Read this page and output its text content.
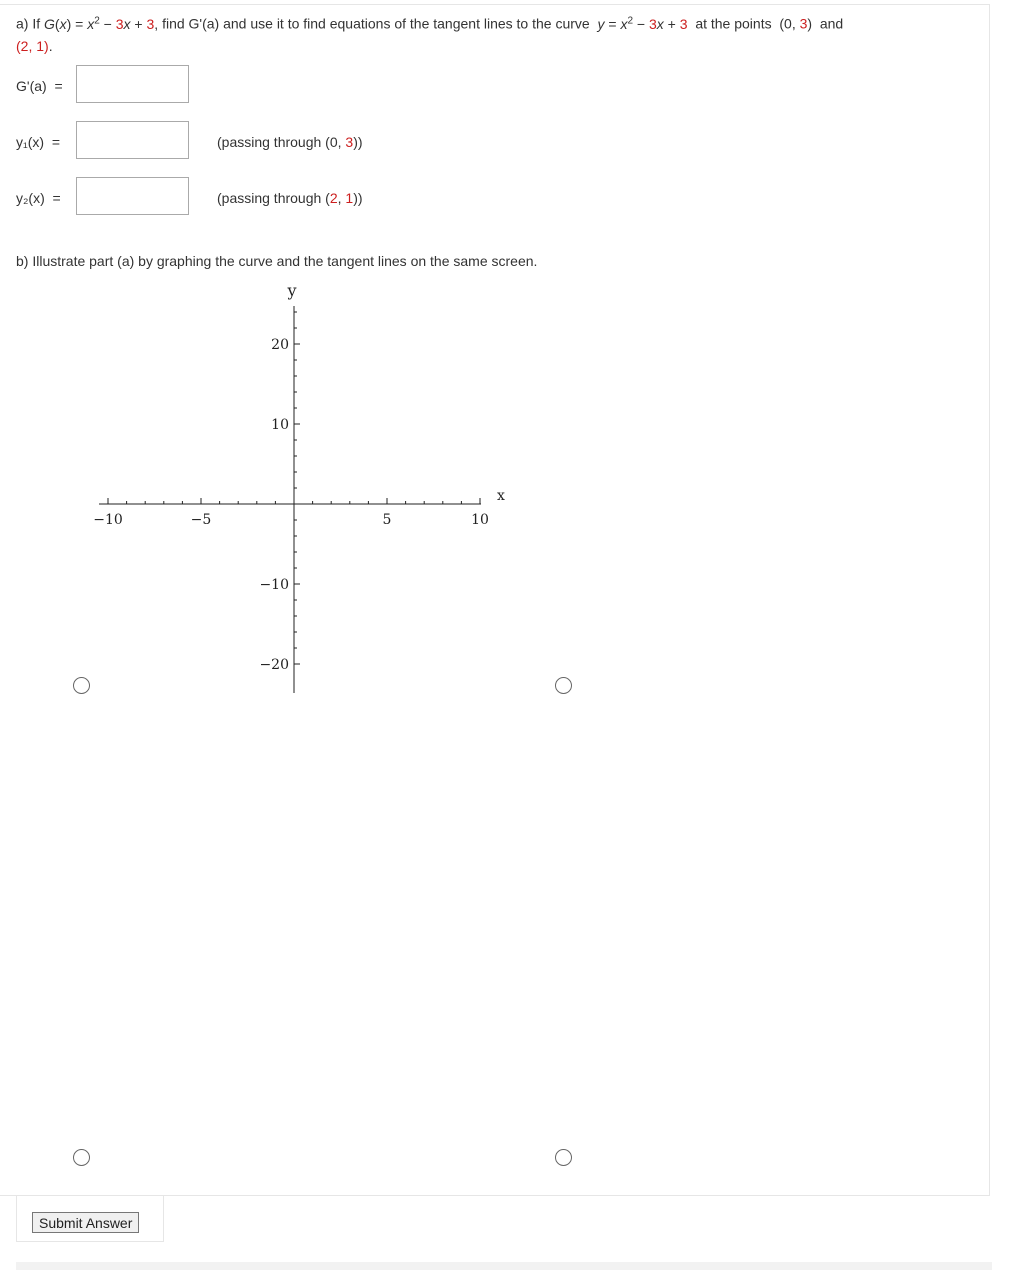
a) If $G(x) = x^2 - 3x + 3$, find G'(a) and use it to find equations of the tangent lines to the curve $y = x^2 - 3x + 3$ at the points (0, 3) and
(2, 1).
G'(a) =
y₁(x) =	(passing through (0, 3))
y₂(x) =	(passing through (2, 1))
b) Illustrate part (a) by graphing the curve and the tangent lines on the same screen.
−10	−5	5	10
20
10
−10
−20
x
y
Submit Answer
